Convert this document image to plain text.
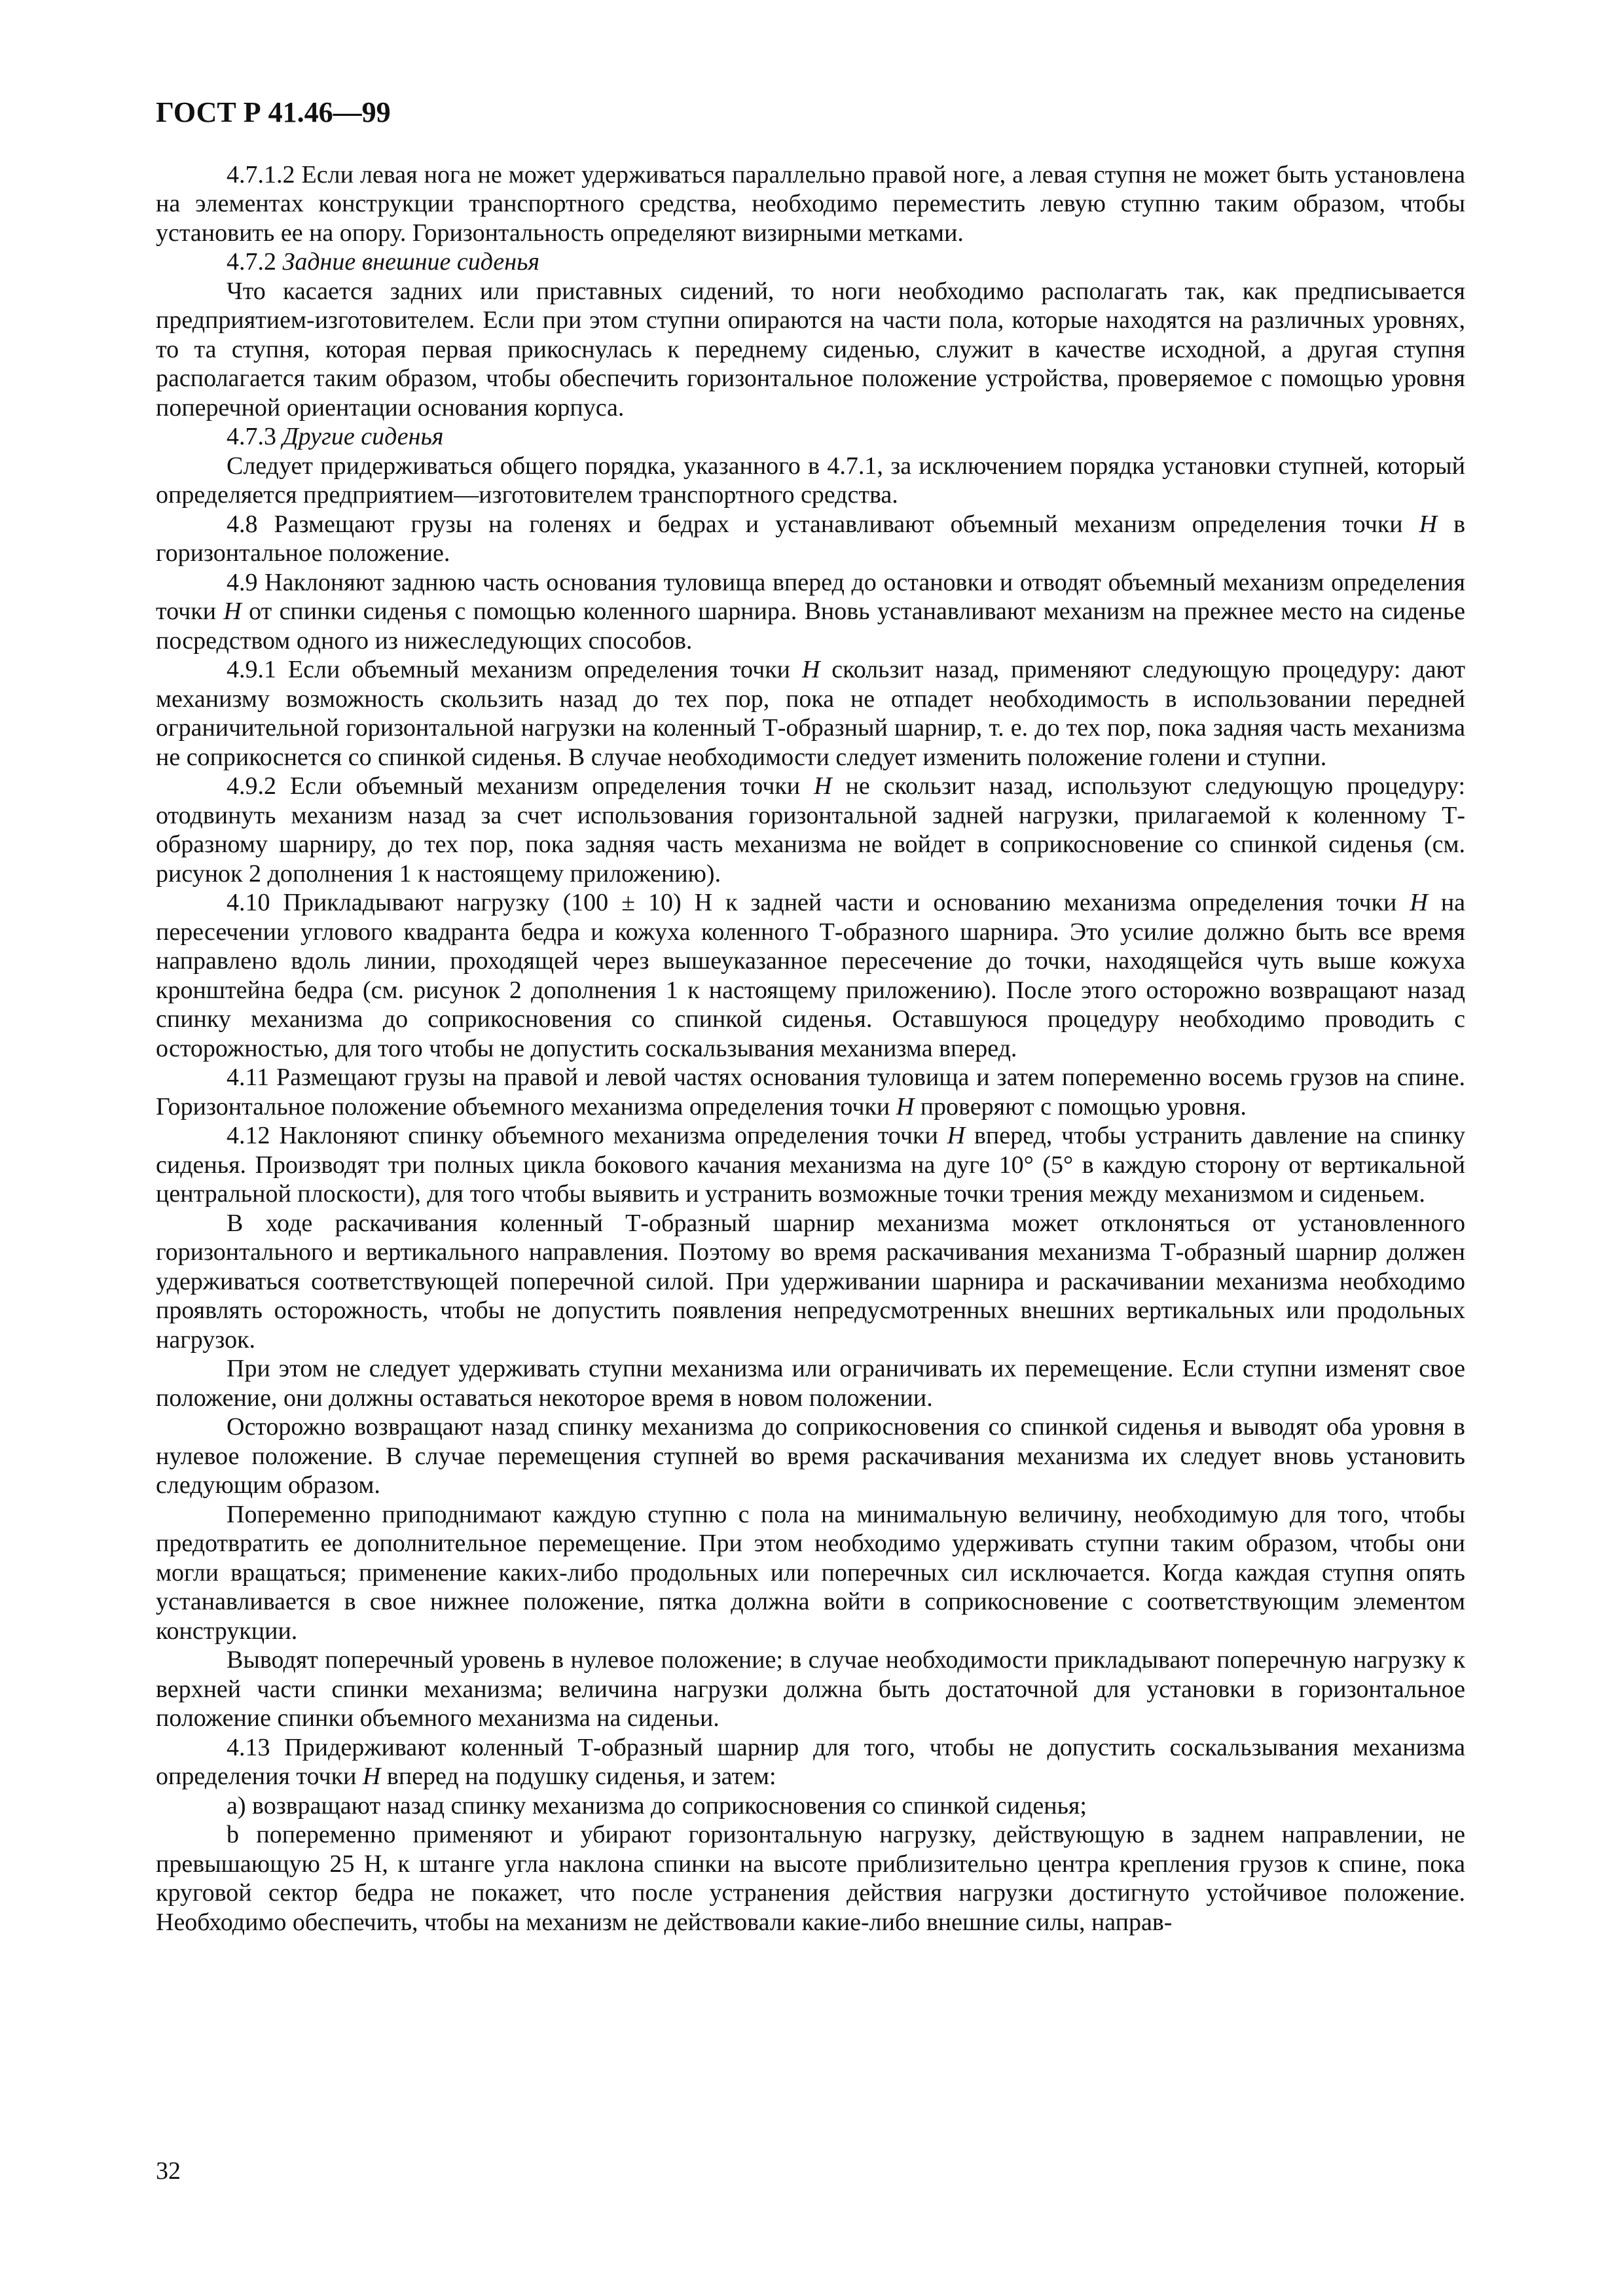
ГОСТ Р 41.46—99

4.7.1.2 Если левая нога не может удерживаться параллельно правой ноге, а левая ступня не может быть установлена на элементах конструкции транспортного средства, необходимо переместить левую ступню таким образом, чтобы установить ее на опору. Горизонтальность определяют визирными метками.

4.7.2 Задние внешние сиденья

Что касается задних или приставных сидений, то ноги необходимо располагать так, как предписывается предприятием-изготовителем. Если при этом ступни опираются на части пола, которые находятся на различных уровнях, то та ступня, которая первая прикоснулась к переднему сиденью, служит в качестве исходной, а другая ступня располагается таким образом, чтобы обеспечить горизонтальное положение устройства, проверяемое с помощью уровня поперечной ориентации основания корпуса.

4.7.3 Другие сиденья

Следует придерживаться общего порядка, указанного в 4.7.1, за исключением порядка установки ступней, который определяется предприятием—изготовителем транспортного средства.

4.8 Размещают грузы на голенях и бедрах и устанавливают объемный механизм определения точки H в горизонтальное положение.

4.9 Наклоняют заднюю часть основания туловища вперед до остановки и отводят объемный механизм определения точки H от спинки сиденья с помощью коленного шарнира. Вновь устанавливают механизм на прежнее место на сиденье посредством одного из нижеследующих способов.

4.9.1 Если объемный механизм определения точки H скользит назад, применяют следующую процедуру: дают механизму возможность скользить назад до тех пор, пока не отпадет необходимость в использовании передней ограничительной горизонтальной нагрузки на коленный Т-образный шарнир, т. е. до тех пор, пока задняя часть механизма не соприкоснется со спинкой сиденья. В случае необходимости следует изменить положение голени и ступни.

4.9.2 Если объемный механизм определения точки H не скользит назад, используют следующую процедуру: отодвинуть механизм назад за счет использования горизонтальной задней нагрузки, прилагаемой к коленному Т-образному шарниру, до тех пор, пока задняя часть механизма не войдет в соприкосновение со спинкой сиденья (см. рисунок 2 дополнения 1 к настоящему приложению).

4.10 Прикладывают нагрузку (100 ± 10) Н к задней части и основанию механизма определения точки H на пересечении углового квадранта бедра и кожуха коленного Т-образного шарнира. Это усилие должно быть все время направлено вдоль линии, проходящей через вышеуказанное пересечение до точки, находящейся чуть выше кожуха кронштейна бедра (см. рисунок 2 дополнения 1 к настоящему приложению). После этого осторожно возвращают назад спинку механизма до соприкосновения со спинкой сиденья. Оставшуюся процедуру необходимо проводить с осторожностью, для того чтобы не допустить соскальзывания механизма вперед.

4.11 Размещают грузы на правой и левой частях основания туловища и затем попеременно восемь грузов на спине. Горизонтальное положение объемного механизма определения точки H проверяют с помощью уровня.

4.12 Наклоняют спинку объемного механизма определения точки H вперед, чтобы устранить давление на спинку сиденья. Производят три полных цикла бокового качания механизма на дуге 10° (5° в каждую сторону от вертикальной центральной плоскости), для того чтобы выявить и устранить возможные точки трения между механизмом и сиденьем.

В ходе раскачивания коленный Т-образный шарнир механизма может отклоняться от установленного горизонтального и вертикального направления. Поэтому во время раскачивания механизма Т-образный шарнир должен удерживаться соответствующей поперечной силой. При удерживании шарнира и раскачивании механизма необходимо проявлять осторожность, чтобы не допустить появления непредусмотренных внешних вертикальных или продольных нагрузок.

При этом не следует удерживать ступни механизма или ограничивать их перемещение. Если ступни изменят свое положение, они должны оставаться некоторое время в новом положении.

Осторожно возвращают назад спинку механизма до соприкосновения со спинкой сиденья и выводят оба уровня в нулевое положение. В случае перемещения ступней во время раскачивания механизма их следует вновь установить следующим образом.

Попеременно приподнимают каждую ступню с пола на минимальную величину, необходимую для того, чтобы предотвратить ее дополнительное перемещение. При этом необходимо удерживать ступни таким образом, чтобы они могли вращаться; применение каких-либо продольных или поперечных сил исключается. Когда каждая ступня опять устанавливается в свое нижнее положение, пятка должна войти в соприкосновение с соответствующим элементом конструкции.

Выводят поперечный уровень в нулевое положение; в случае необходимости прикладывают поперечную нагрузку к верхней части спинки механизма; величина нагрузки должна быть достаточной для установки в горизонтальное положение спинки объемного механизма на сиденьи.

4.13 Придерживают коленный Т-образный шарнир для того, чтобы не допустить соскальзывания механизма определения точки H вперед на подушку сиденья, и затем:

а) возвращают назад спинку механизма до соприкосновения со спинкой сиденья;

b попеременно применяют и убирают горизонтальную нагрузку, действующую в заднем направлении, не превышающую 25 Н, к штанге угла наклона спинки на высоте приблизительно центра крепления грузов к спине, пока круговой сектор бедра не покажет, что после устранения действия нагрузки достигнуто устойчивое положение. Необходимо обеспечить, чтобы на механизм не действовали какие-либо внешние силы, направ-

32
